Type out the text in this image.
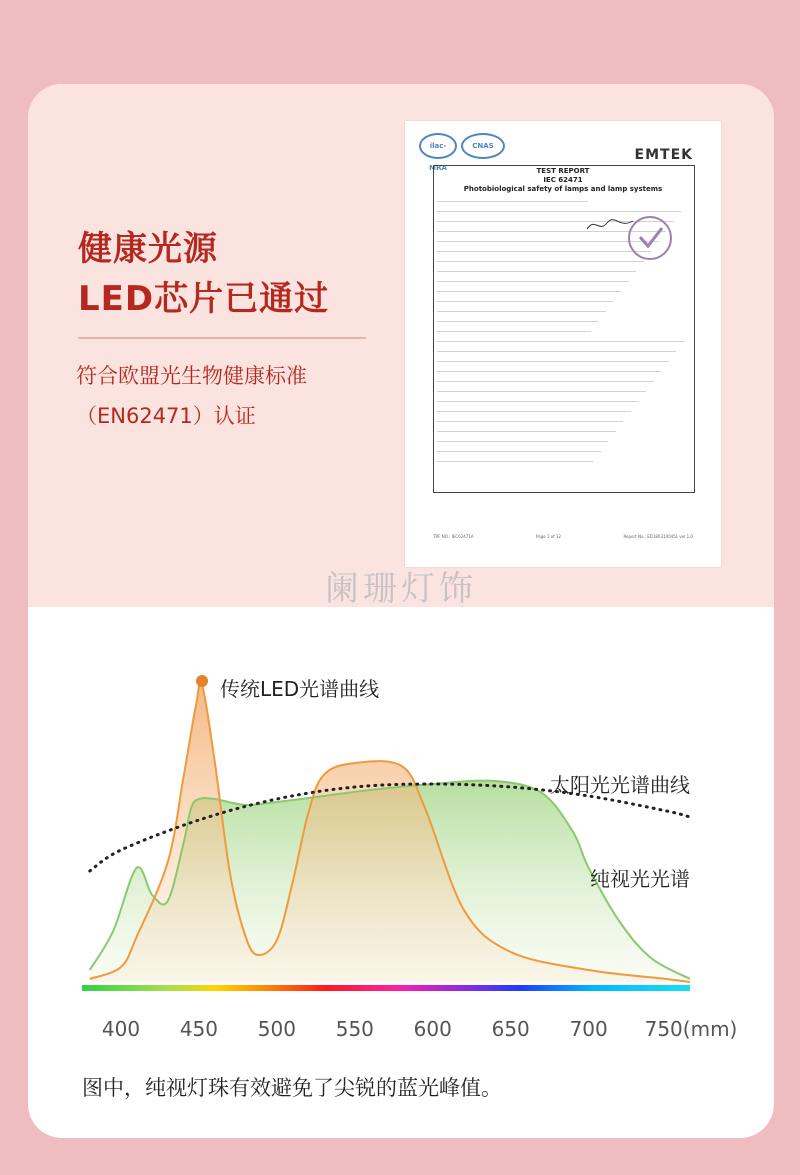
健康光源
LED芯片已通过

符合欧盟光生物健康标准
（EN62471）认证

ilac-MRA
CNAS
EMTEK
TEST REPORT
IEC 62471
Photobiological safety of lamps and lamp systems
TRF NO.: IEC62471A	Page 1 of 12	Report No.: ED180314045L ver.1.0
阑珊灯饰
400 450 500 550 600 650 700 750(mm)
传统LED光谱曲线
太阳光光谱曲线
纯视光光谱

图中，纯视灯珠有效避免了尖锐的蓝光峰值。
